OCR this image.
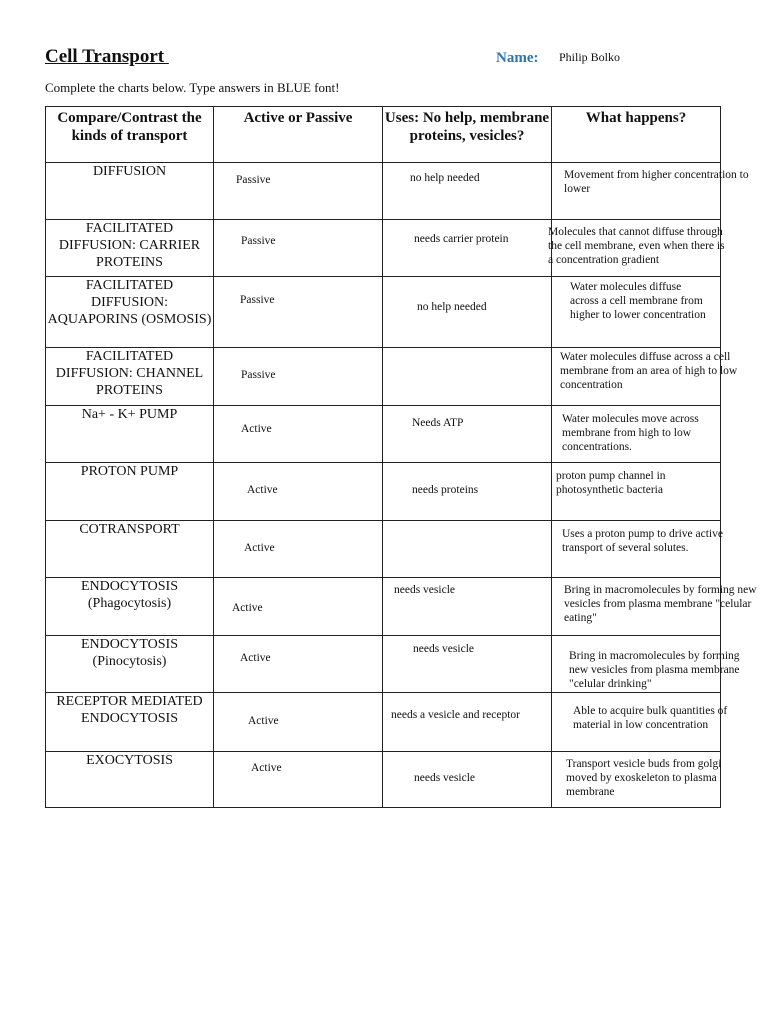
Cell Transport	Name: Philip Bolko
Complete the charts below. Type answers in BLUE font!
Compare/Contrast the kinds of transport	Active or Passive	Uses: No help, membrane proteins, vesicles?	What happens?
DIFFUSION	Passive	no help needed	Movement from higher concentration to lower

FACILITATED DIFFUSION: CARRIER PROTEINS	Passive	needs carrier protein	Molecules that cannot diffuse through the cell membrane, even when there is a concentration gradient

FACILITATED DIFFUSION: AQUAPORINS (OSMOSIS)	Passive	no help needed	Water molecules diffuse across a cell membrane from higher to lower concentration

FACILITATED DIFFUSION: CHANNEL PROTEINS	Passive		Water molecules diffuse across a cell membrane from an area of high to low concentration

Na+ - K+ PUMP	Active	Needs ATP	Water molecules move across membrane from high to low concentrations.

PROTON PUMP	Active	needs proteins	proton pump channel in photosynthetic bacteria

COTRANSPORT	Active		Uses a proton pump to drive active transport of several solutes.

ENDOCYTOSIS (Phagocytosis)	Active	needs vesicle	Bring in macromolecules by forming new vesicles from plasma membrane "celular eating"

ENDOCYTOSIS (Pinocytosis)	Active	needs vesicle	Bring in macromolecules by forming new vesicles from plasma membrane "celular drinking"

RECEPTOR MEDIATED ENDOCYTOSIS	Active	needs a vesicle and receptor	Able to acquire bulk quantities of material in low concentration

EXOCYTOSIS	Active	needs vesicle	Transport vesicle buds from golgi moved by exoskeleton to plasma membrane
